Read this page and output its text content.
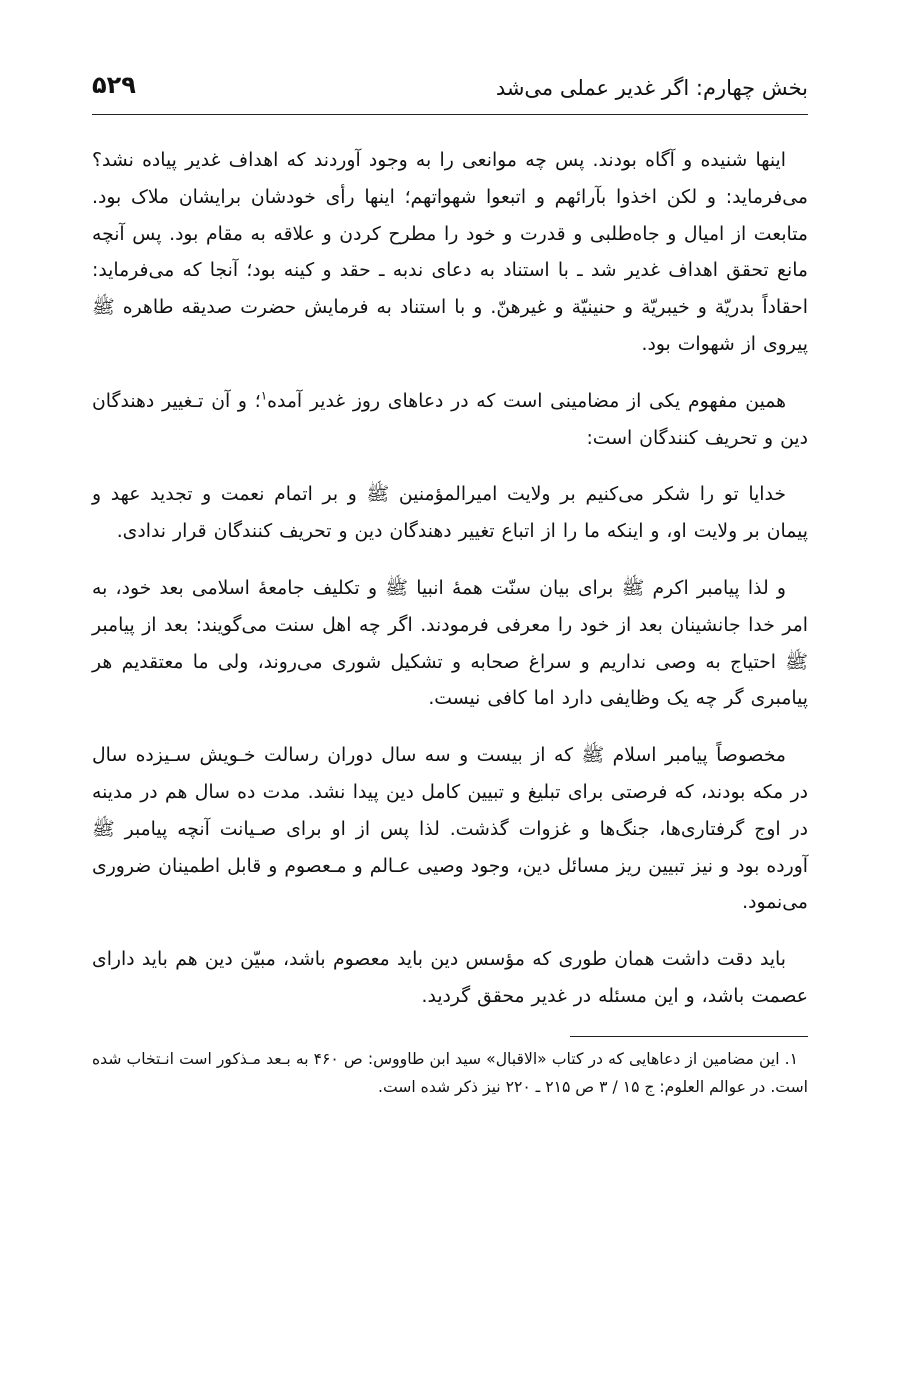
بخش چهارم: اگر غدیر عملی می‌شد
۵۲۹

اینها شنیده و آگاه بودند. پس چه موانعی را به وجود آوردند که اهداف غدیر پیاده نشد؟ می‌فرماید: و لکن اخذوا بآرائهم و اتبعوا شهواتهم؛ اینها رأی خودشان برایشان ملاک بود. متابعت از امیال و جاه‌طلبی و قدرت و خود را مطرح کردن و علاقه به مقام بود. پس آنچه مانع تحقق اهداف غدیر شد ـ با استناد به دعای ندبه ـ حقد و کینه بود؛ آنجا که می‌فرماید: احقاداً بدریّة و خیبریّة و حنینیّة و غیرهنّ. و با استناد به فرمایش حضرت صدیقه طاهره ﷺ پیروی از شهوات بود.

همین مفهوم یکی از مضامینی است که در دعاهای روز غدیر آمده$^۱$؛ و آن تـغییر دهندگان دین و تحریف کنندگان است:

خدایا تو را شکر می‌کنیم بر ولایت امیرالمؤمنین ﷺ و بر اتمام نعمت و تجدید عهد و پیمان بر ولایت او، و اینکه ما را از اتباع تغییر دهندگان دین و تحریف کنندگان قرار ندادی.

و لذا پیامبر اکرم ﷺ برای بیان سنّت همهٔ انبیا ﷺ و تکلیف جامعهٔ اسلامی بعد خود، به امر خدا جانشینان بعد از خود را معرفی فرمودند. اگر چه اهل سنت می‌گویند: بعد از پیامبر ﷺ احتیاج به وصی نداریم و سراغ صحابه و تشکیل شوری می‌روند، ولی ما معتقدیم هر پیامبری گر چه یک وظایفی دارد اما کافی نیست.

مخصوصاً پیامبر اسلام ﷺ که از بیست و سه سال دوران رسالت خـویش سـیزده سال در مکه بودند، که فرصتی برای تبلیغ و تبیین کامل دین پیدا نشد. مدت ده سال هم در مدینه در اوج گرفتاری‌ها، جنگ‌ها و غزوات گذشت. لذا پس از او برای صـیانت آنچه پیامبر ﷺ آورده بود و نیز تبیین ریز مسائل دین، وجود وصیی عـالم و مـعصوم و قابل اطمینان ضروری می‌نمود.

باید دقت داشت همان طوری که مؤسس دین باید معصوم باشد، مبیّن دین هم باید دارای عصمت باشد، و این مسئله در غدیر محقق گردید.

۱. این مضامین از دعاهایی که در کتاب «الاقبال» سید ابن طاووس: ص ۴۶۰ به بـعد مـذکور است انـتخاب شده است. در عوالم العلوم: ج ۱۵ / ۳ ص ۲۱۵ ـ ۲۲۰ نیز ذکر شده است.
